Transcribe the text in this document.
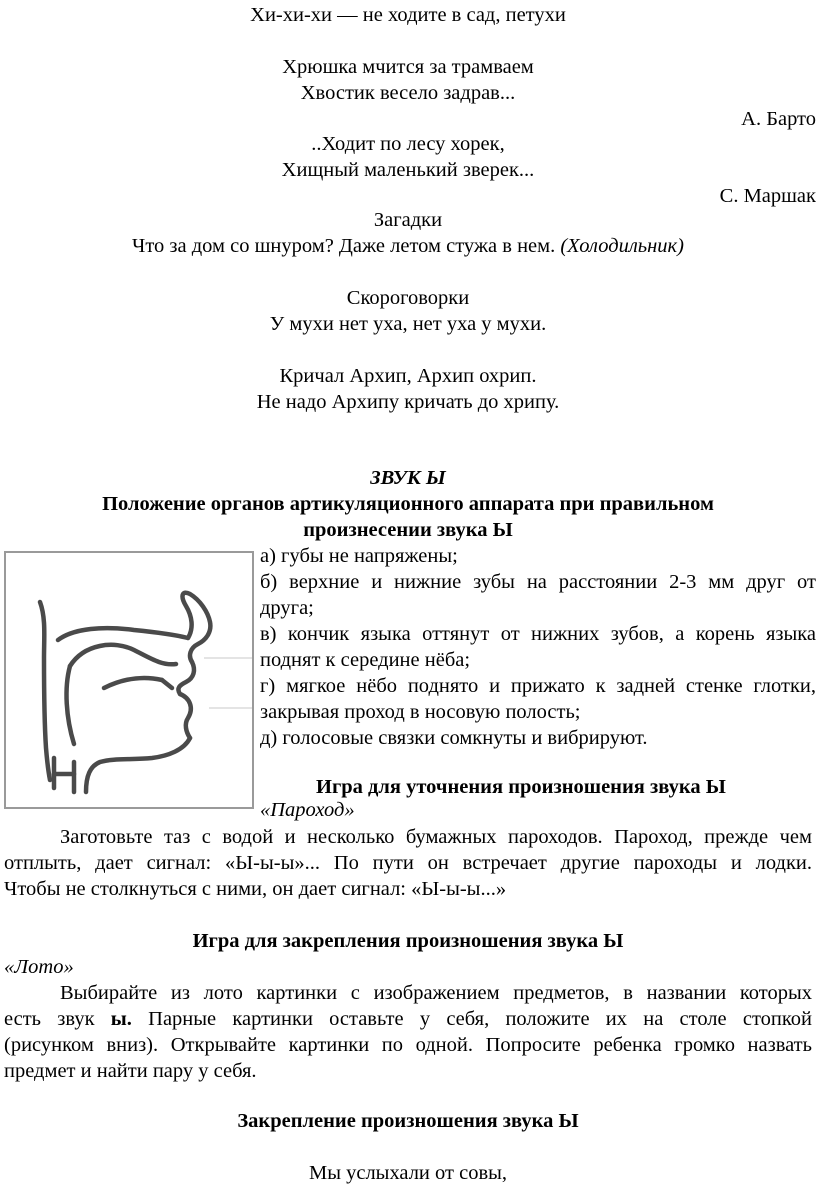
Хи-хи-хи — не ходите в сад, петухи

Хрюшка мчится за трамваем

Хвостик весело задрав...

А. Барто

..Ходит по лесу хорек,

Хищный маленький зверек...

С. Маршак

Загадки

Что за дом со шнуром? Даже летом стужа в нем. (Холодильник)

Скороговорки

У мухи нет уха, нет уха у мухи.

Кричал Архип, Архип охрип.

Не надо Архипу кричать до хрипу.

ЗВУК Ы

Положение органов артикуляционного аппарата при правильном

произнесении звука Ы

а) губы не напряжены;
б) верхние и нижние зубы на расстоянии 2-3 мм друг от
друга;
в) кончик языка оттянут от нижних зубов, а корень языка
поднят к середине нёба;
г) мягкое нёбо поднято и прижато к задней стенке глотки,
закрывая проход в носовую полость;
д) голосовые связки сомкнуты и вибрируют.
Игра для уточнения произношения звука Ы
«Пароход»

Заготовьте таз с водой и несколько бумажных пароходов. Пароход, прежде чем

отплыть, дает сигнал: «Ы-ы-ы»... По пути он встречает другие пароходы и лодки.

Чтобы не столкнуться с ними, он дает сигнал: «Ы-ы-ы...»

Игра для закрепления произношения звука Ы

«Лото»

Выбирайте из лото картинки с изображением предметов, в названии которых

есть звук ы. Парные картинки оставьте у себя, положите их на столе стопкой

(рисунком вниз). Открывайте картинки по одной. Попросите ребенка громко назвать

предмет и найти пару у себя.

Закрепление произношения звука Ы

Мы услыхали от совы,
